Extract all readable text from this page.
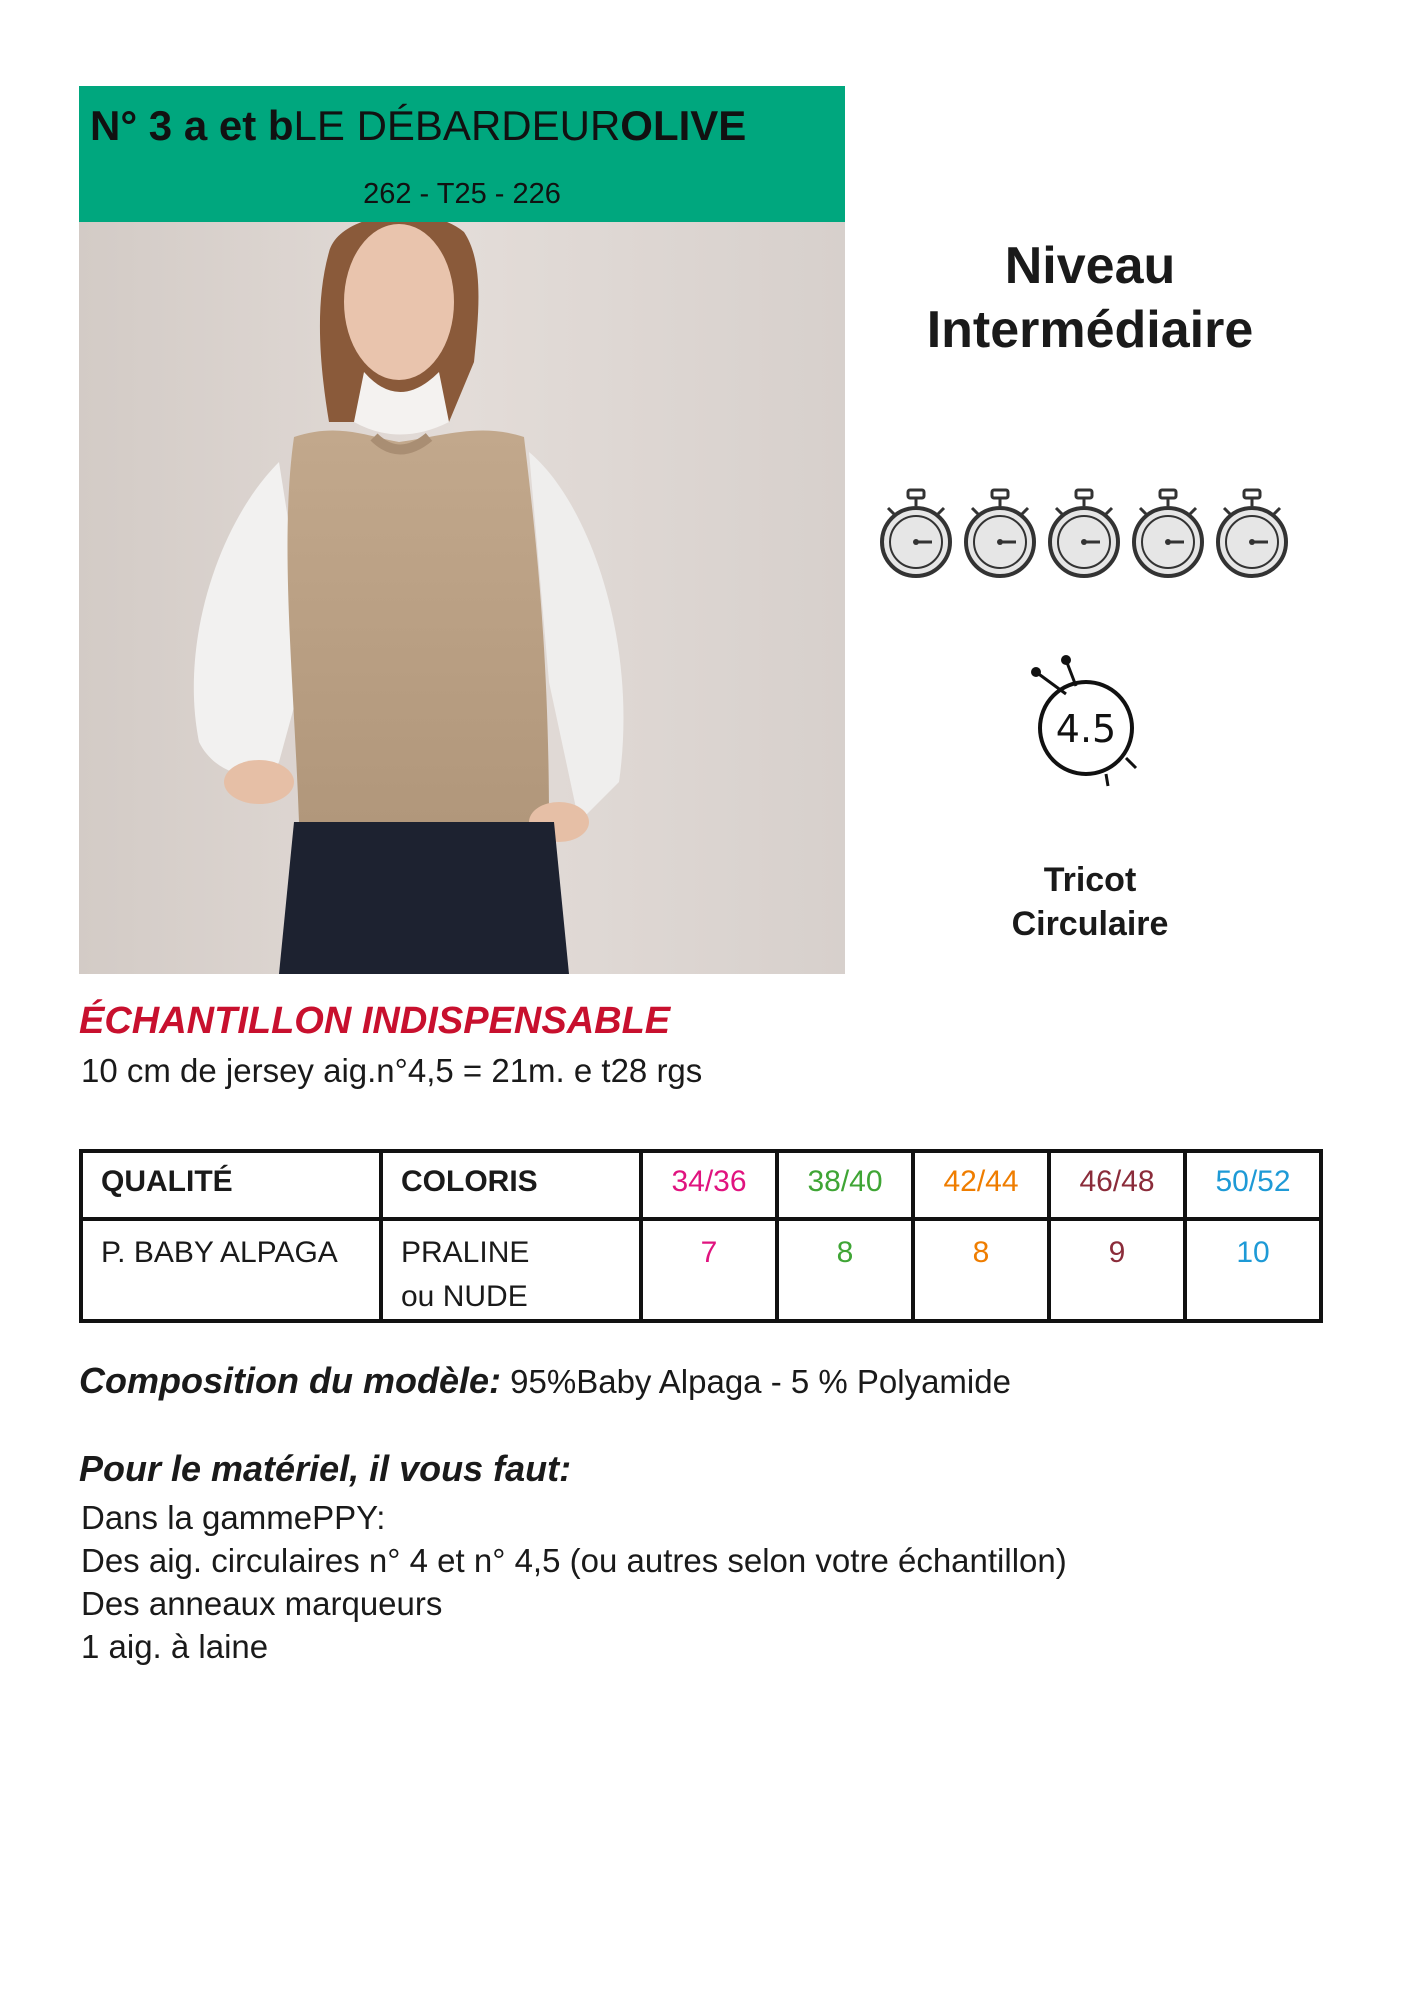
N° 3 a et bLE DÉBARDEUROLIVE
262 - T25 - 226
Niveau
Intermédiaire
4.5
Tricot
Circulaire
ÉCHANTILLON INDISPENSABLE
10 cm de jersey aig.n°4,5 = 21m. e t28 rgs
QUALITÉ	COLORIS	34/36	38/40	42/44	46/48	50/52
P. BABY ALPAGA	PRALINE
ou NUDE	7	8	8	9	10
Composition du modèle: 95%Baby Alpaga - 5 % Polyamide
Pour le matériel, il vous faut:
Dans la gammePPY:
Des aig. circulaires n° 4 et n° 4,5 (ou autres selon votre échantillon)
Des anneaux marqueurs
1 aig. à laine
